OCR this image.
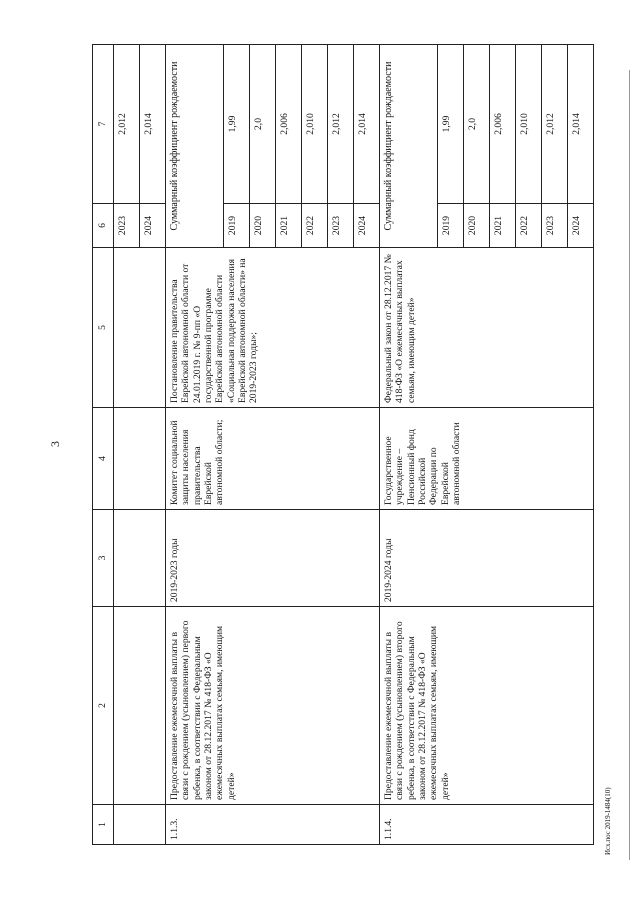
3
Исх.пос 2019-1484(10)
1	2	3	4	5	6	7
					2023	2,012
					2024	2,014
1.1.3.	Предоставление ежемесячной выплаты в связи с рождением (усыновлением) первого ребенка, в соответствии с Федеральным законом от 28.12.2017 № 418-ФЗ «О ежемесячных выплатах семьям, имеющим детей»	2019-2023 годы	Комитет социальной защиты населения правительства Еврейской автономной области;	Постановление правительства Еврейской автономной области от 24.01.2019 г. № 9-пп «О государственной программе Еврейской автономной области «Социальная поддержка населения Еврейской автономной области» на 2019-2023 годы»;	Суммарный коэффициент рождаемости	
					2019	1,99
					2020	2,0
					2021	2,006
					2022	2,010
					2023	2,012
					2024	2,014
1.1.4.	Предоставление ежемесячной выплаты в связи с рождением (усыновлением) второго ребенка, в соответствии с Федеральным законом от 28.12.2017 № 418-ФЗ «О ежемесячных выплатах семьям, имеющим детей»	2019-2024 годы	Государственное учреждение – Пенсионный фонд Российской Федерации по Еврейской автономной области	Федеральный закон от 28.12.2017 № 418-ФЗ «О ежемесячных выплатах семьям, имеющим детей»	Суммарный коэффициент рождаемости	
					2019	1,99
					2020	2,0
					2021	2,006
					2022	2,010
					2023	2,012
					2024	2,014
